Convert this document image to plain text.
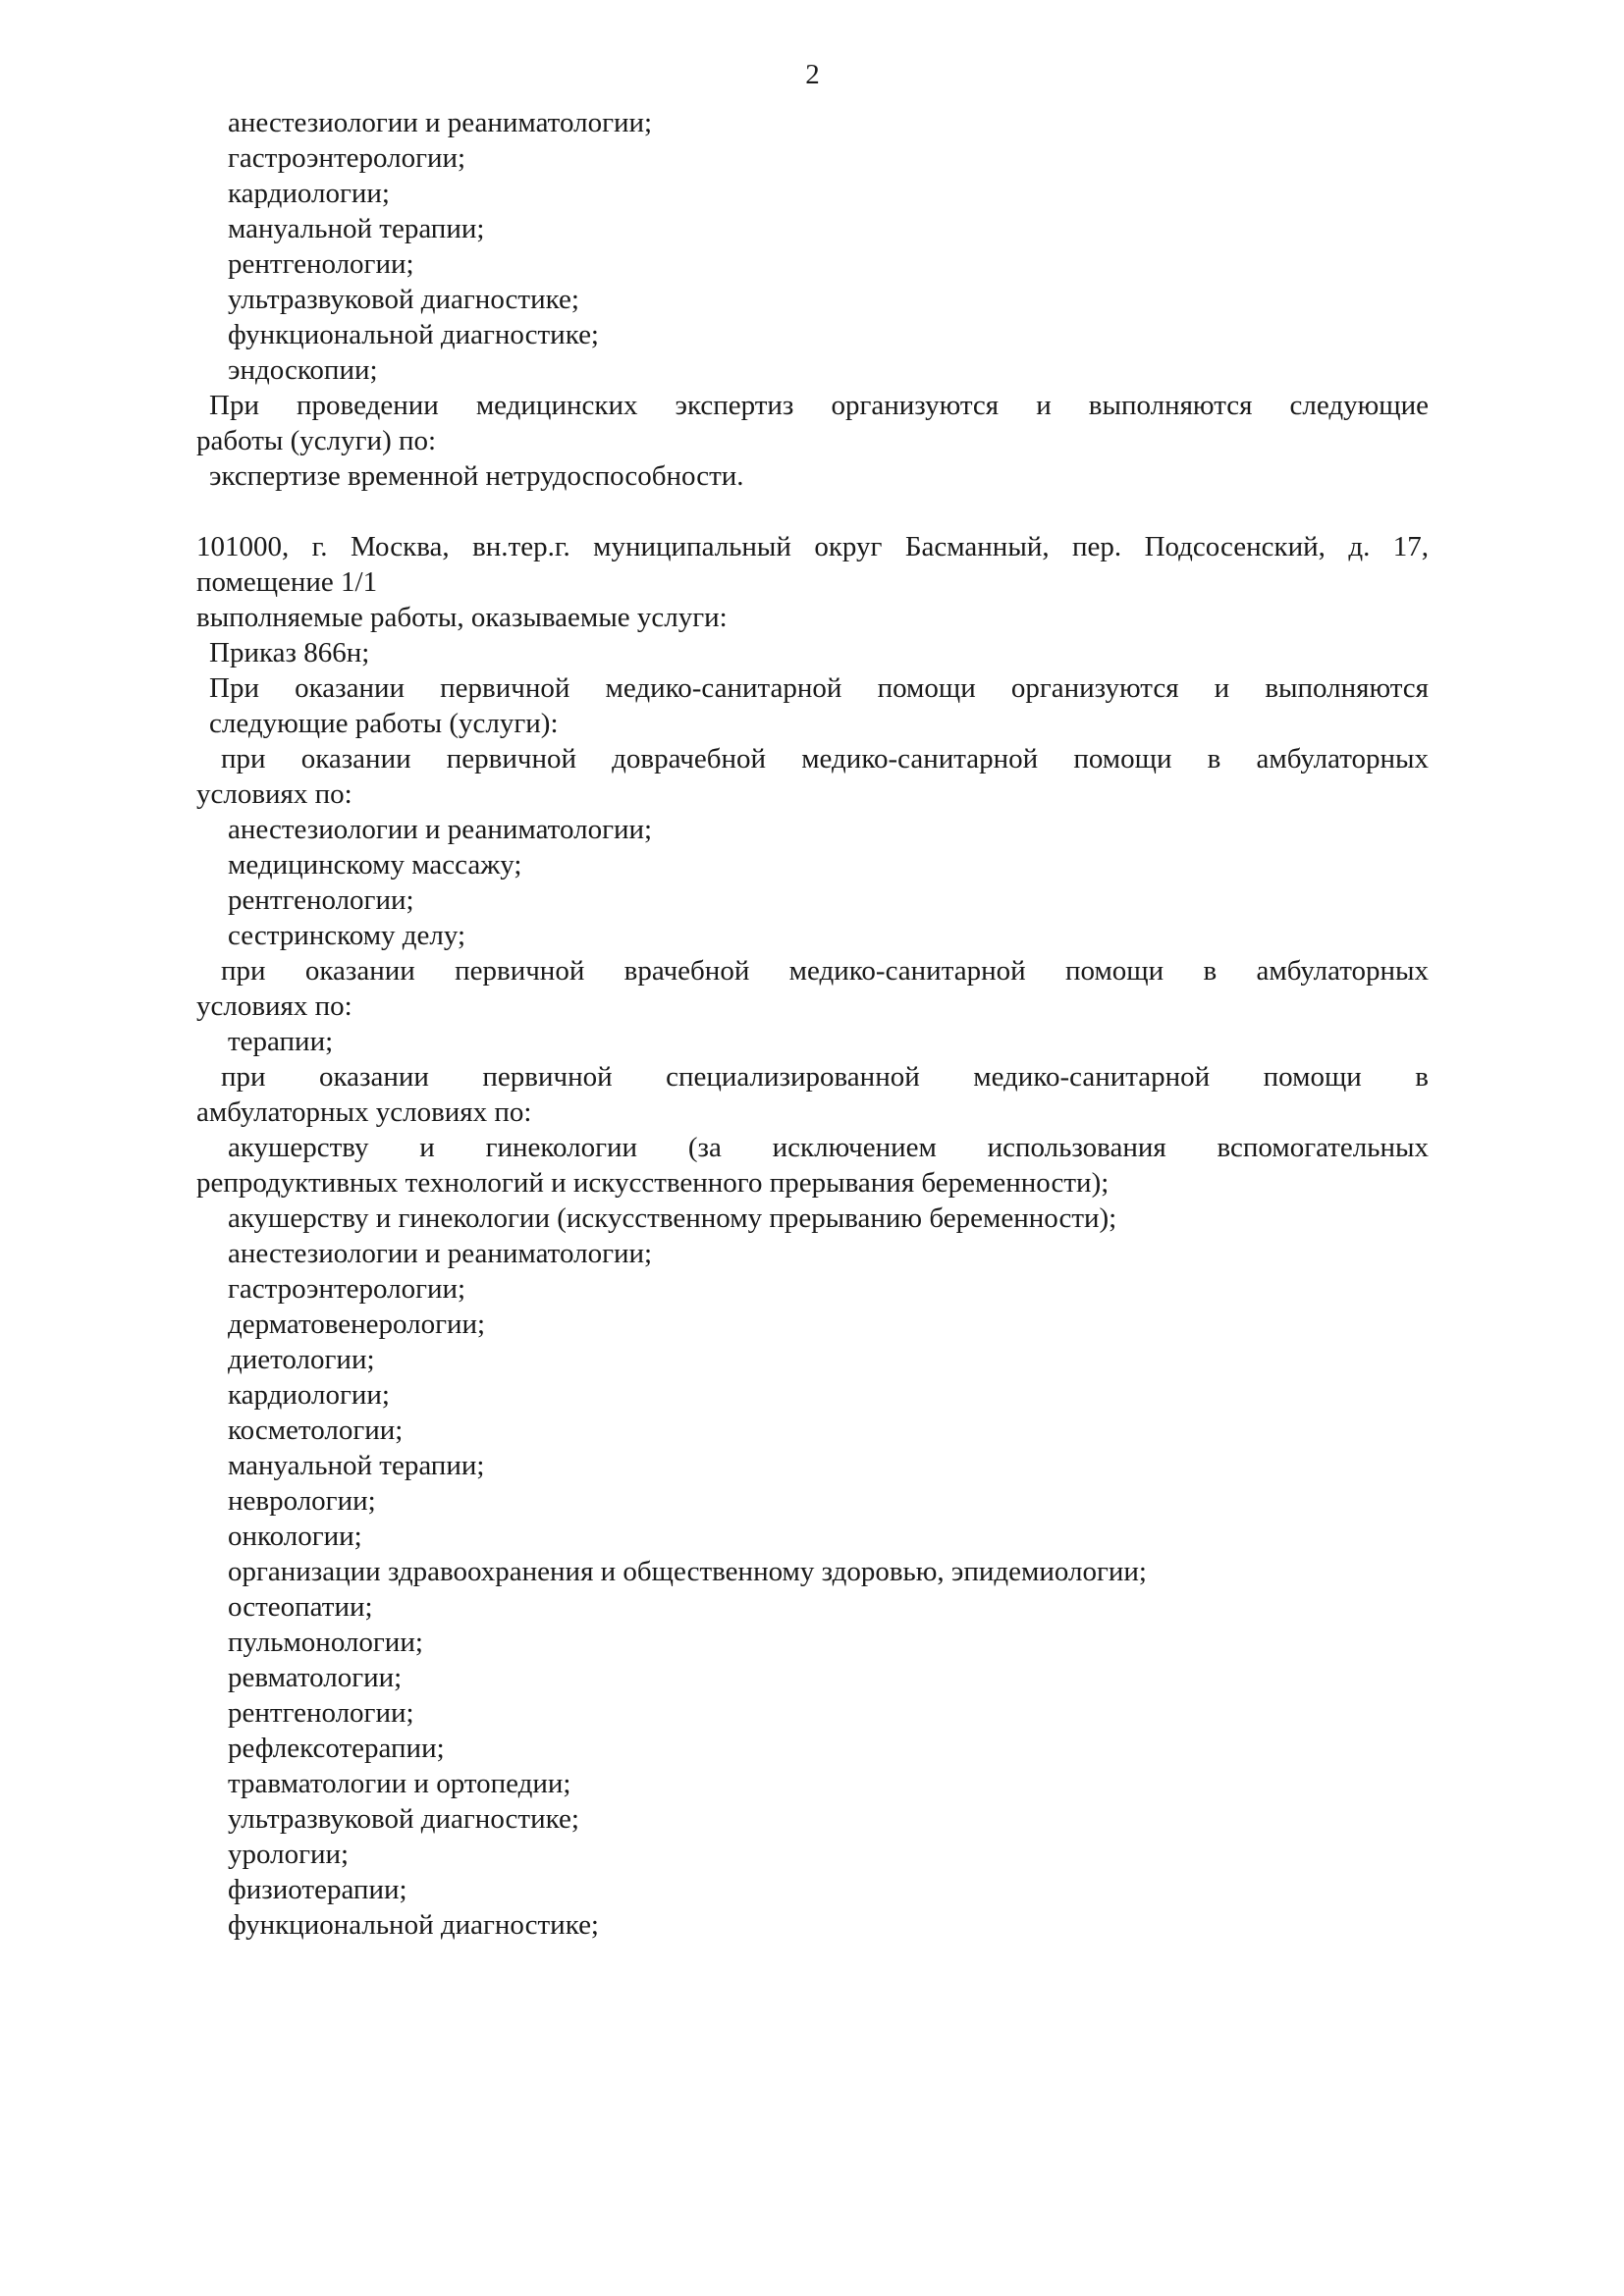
2

анестезиологии и реаниматологии;

гастроэнтерологии;

кардиологии;

мануальной терапии;

рентгенологии;

ультразвуковой диагностике;

функциональной диагностике;

эндоскопии;

При проведении медицинских экспертиз организуются и выполняются следующие

работы (услуги) по:

экспертизе временной нетрудоспособности.

101000, г. Москва, вн.тер.г. муниципальный округ Басманный, пер. Подсосенский, д. 17,

помещение 1/1

выполняемые работы, оказываемые услуги:

Приказ 866н;

При оказании первичной медико-санитарной помощи организуются и выполняются

следующие работы (услуги):

при оказании первичной доврачебной медико-санитарной помощи в амбулаторных

условиях по:

анестезиологии и реаниматологии;

медицинскому массажу;

рентгенологии;

сестринскому делу;

при оказании первичной врачебной медико-санитарной помощи в амбулаторных

условиях по:

терапии;

при оказании первичной специализированной медико-санитарной помощи в

амбулаторных условиях по:

акушерству и гинекологии (за исключением использования вспомогательных

репродуктивных технологий и искусственного прерывания беременности);

акушерству и гинекологии (искусственному прерыванию беременности);

анестезиологии и реаниматологии;

гастроэнтерологии;

дерматовенерологии;

диетологии;

кардиологии;

косметологии;

мануальной терапии;

неврологии;

онкологии;

организации здравоохранения и общественному здоровью, эпидемиологии;

остеопатии;

пульмонологии;

ревматологии;

рентгенологии;

рефлексотерапии;

травматологии и ортопедии;

ультразвуковой диагностике;

урологии;

физиотерапии;

функциональной диагностике;
